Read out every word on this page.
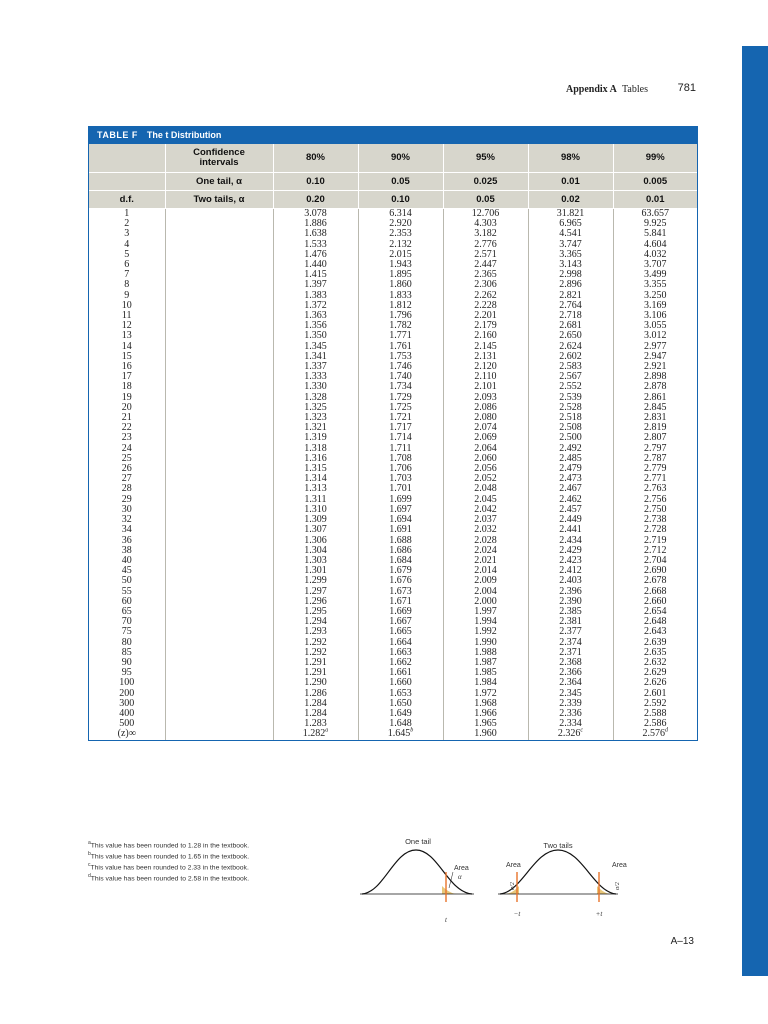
Appendix A Tables	781
TABLE F The t Distribution
	Confidence intervals	80%	90%	95%	98%	99%
	One tail, α	0.10	0.05	0.025	0.01	0.005
d.f.	Two tails, α	0.20	0.10	0.05	0.02	0.01
1		3.078	6.314	12.706	31.821	63.657
2		1.886	2.920	4.303	6.965	9.925
3		1.638	2.353	3.182	4.541	5.841
4		1.533	2.132	2.776	3.747	4.604
5		1.476	2.015	2.571	3.365	4.032
6		1.440	1.943	2.447	3.143	3.707
7		1.415	1.895	2.365	2.998	3.499
8		1.397	1.860	2.306	2.896	3.355
9		1.383	1.833	2.262	2.821	3.250
10		1.372	1.812	2.228	2.764	3.169
11		1.363	1.796	2.201	2.718	3.106
12		1.356	1.782	2.179	2.681	3.055
13		1.350	1.771	2.160	2.650	3.012
14		1.345	1.761	2.145	2.624	2.977
15		1.341	1.753	2.131	2.602	2.947
16		1.337	1.746	2.120	2.583	2.921
17		1.333	1.740	2.110	2.567	2.898
18		1.330	1.734	2.101	2.552	2.878
19		1.328	1.729	2.093	2.539	2.861
20		1.325	1.725	2.086	2.528	2.845
21		1.323	1.721	2.080	2.518	2.831
22		1.321	1.717	2.074	2.508	2.819
23		1.319	1.714	2.069	2.500	2.807
24		1.318	1.711	2.064	2.492	2.797
25		1.316	1.708	2.060	2.485	2.787
26		1.315	1.706	2.056	2.479	2.779
27		1.314	1.703	2.052	2.473	2.771
28		1.313	1.701	2.048	2.467	2.763
29		1.311	1.699	2.045	2.462	2.756
30		1.310	1.697	2.042	2.457	2.750
32		1.309	1.694	2.037	2.449	2.738
34		1.307	1.691	2.032	2.441	2.728
36		1.306	1.688	2.028	2.434	2.719
38		1.304	1.686	2.024	2.429	2.712
40		1.303	1.684	2.021	2.423	2.704
45		1.301	1.679	2.014	2.412	2.690
50		1.299	1.676	2.009	2.403	2.678
55		1.297	1.673	2.004	2.396	2.668
60		1.296	1.671	2.000	2.390	2.660
65		1.295	1.669	1.997	2.385	2.654
70		1.294	1.667	1.994	2.381	2.648
75		1.293	1.665	1.992	2.377	2.643
80		1.292	1.664	1.990	2.374	2.639
85		1.292	1.663	1.988	2.371	2.635
90		1.291	1.662	1.987	2.368	2.632
95		1.291	1.661	1.985	2.366	2.629
100		1.290	1.660	1.984	2.364	2.626
200		1.286	1.653	1.972	2.345	2.601
300		1.284	1.650	1.968	2.339	2.592
400		1.284	1.649	1.966	2.336	2.588
500		1.283	1.648	1.965	2.334	2.586
(z)∞		1.282$^a$	1.645$^b$	1.960	2.326$^c$	2.576$^d$
$^a$This value has been rounded to 1.28 in the textbook.
$^b$This value has been rounded to 1.65 in the textbook.
$^c$This value has been rounded to 2.33 in the textbook.
$^d$This value has been rounded to 2.58 in the textbook.
One tail
Area
α
t
Two tails
Area	Area
α/2	α/2
−t	+t
A–13
